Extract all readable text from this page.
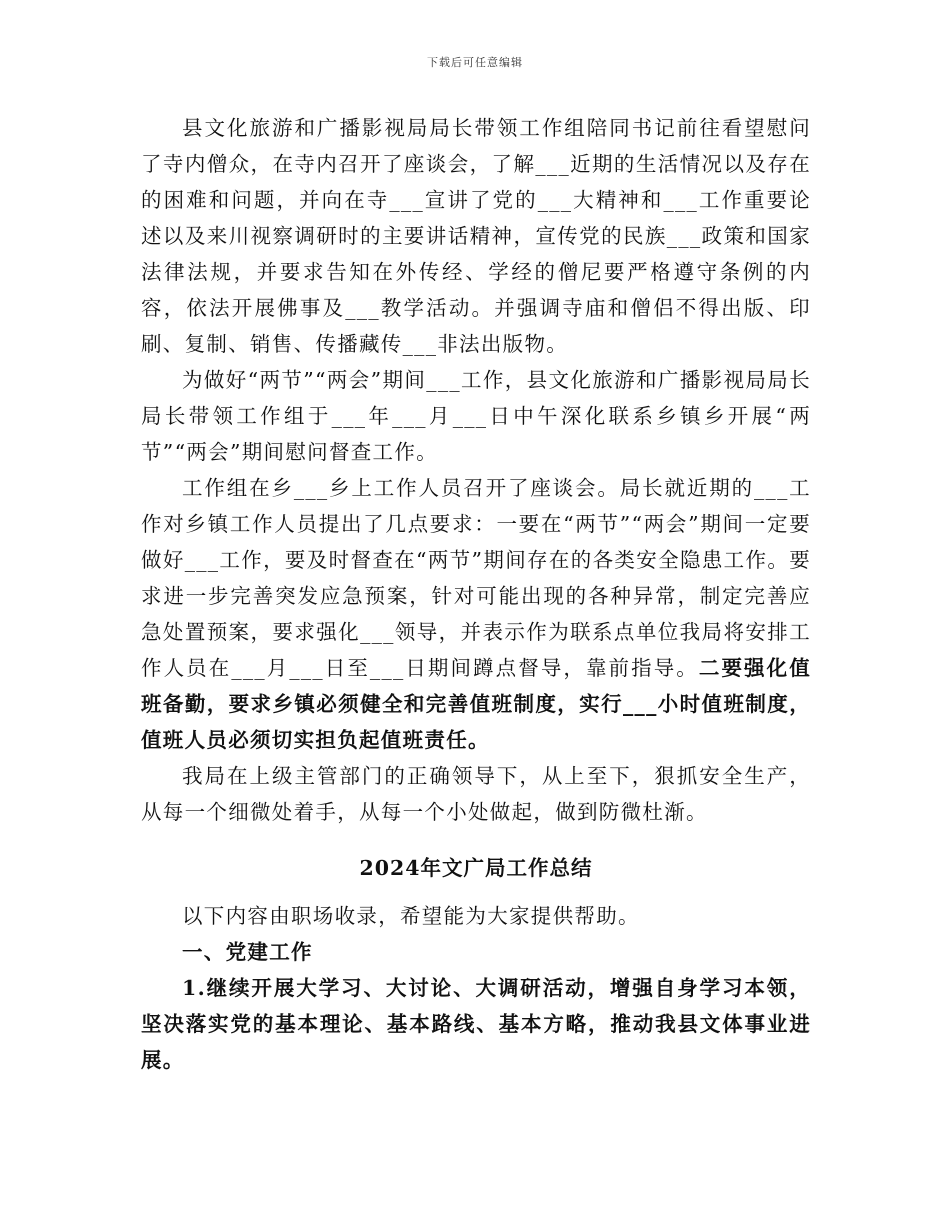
下载后可任意编辑

县文化旅游和广播影视局局长带领工作组陪同书记前往看望慰问了寺内僧众，在寺内召开了座谈会，了解___近期的生活情况以及存在的困难和问题，并向在寺___宣讲了党的___大精神和___工作重要论述以及来川视察调研时的主要讲话精神，宣传党的民族___政策和国家法律法规，并要求告知在外传经、学经的僧尼要严格遵守条例的内容，依法开展佛事及___教学活动。并强调寺庙和僧侣不得出版、印刷、复制、销售、传播藏传___非法出版物。

为做好“两节”“两会”期间___工作，县文化旅游和广播影视局局长局长带领工作组于___年___月___日中午深化联系乡镇乡开展“两节”“两会”期间慰问督查工作。

工作组在乡___乡上工作人员召开了座谈会。局长就近期的___工作对乡镇工作人员提出了几点要求：一要在“两节”“两会”期间一定要做好___工作，要及时督查在“两节”期间存在的各类安全隐患工作。要求进一步完善突发应急预案，针对可能出现的各种异常，制定完善应急处置预案，要求强化___领导，并表示作为联系点单位我局将安排工作人员在___月___日至___日期间蹲点督导，靠前指导。二要强化值班备勤，要求乡镇必须健全和完善值班制度，实行___小时值班制度，值班人员必须切实担负起值班责任。

我局在上级主管部门的正确领导下，从上至下，狠抓安全生产，从每一个细微处着手，从每一个小处做起，做到防微杜渐。

2024年文广局工作总结

以下内容由职场收录，希望能为大家提供帮助。

一、党建工作

1.继续开展大学习、大讨论、大调研活动，增强自身学习本领，坚决落实党的基本理论、基本路线、基本方略，推动我县文体事业进展。
